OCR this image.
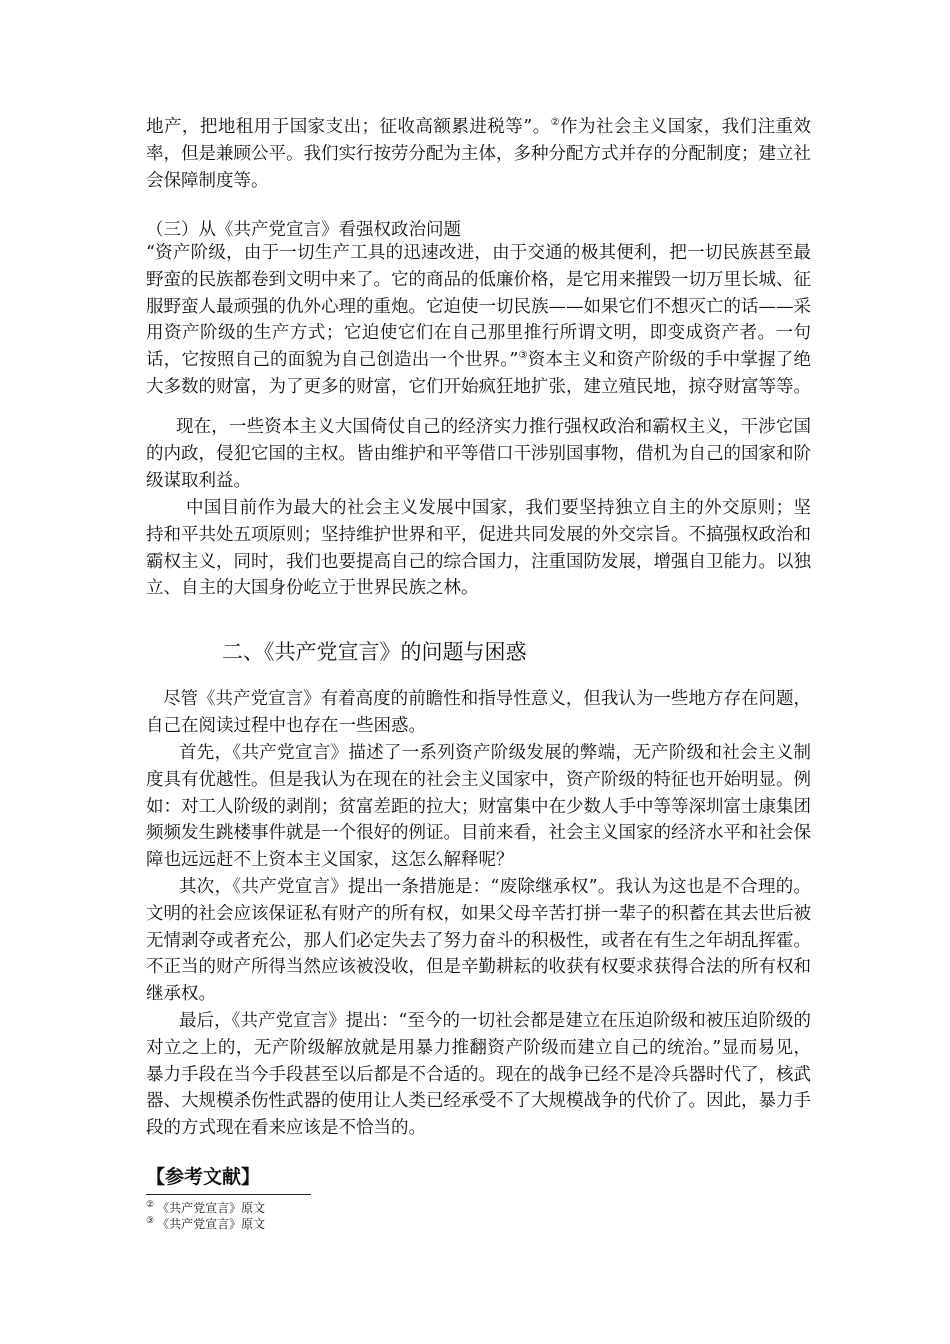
地产，把地租用于国家支出；征收高额累进税等”。②作为社会主义国家，我们注重效率，但是兼顾公平。我们实行按劳分配为主体，多种分配方式并存的分配制度；建立社会保障制度等。

（三）从《共产党宣言》看强权政治问题

“资产阶级，由于一切生产工具的迅速改进，由于交通的极其便利，把一切民族甚至最野蛮的民族都卷到文明中来了。它的商品的低廉价格，是它用来摧毁一切万里长城、征服野蛮人最顽强的仇外心理的重炮。它迫使一切民族——如果它们不想灭亡的话——采用资产阶级的生产方式；它迫使它们在自己那里推行所谓文明，即变成资产者。一句话，它按照自己的面貌为自己创造出一个世界。”③资本主义和资产阶级的手中掌握了绝大多数的财富，为了更多的财富，它们开始疯狂地扩张，建立殖民地，掠夺财富等等。

现在，一些资本主义大国倚仗自己的经济实力推行强权政治和霸权主义，干涉它国的内政，侵犯它国的主权。皆由维护和平等借口干涉别国事物，借机为自己的国家和阶级谋取利益。

中国目前作为最大的社会主义发展中国家，我们要坚持独立自主的外交原则；坚持和平共处五项原则；坚持维护世界和平，促进共同发展的外交宗旨。不搞强权政治和霸权主义，同时，我们也要提高自己的综合国力，注重国防发展，增强自卫能力。以独立、自主的大国身份屹立于世界民族之林。

二、《共产党宣言》的问题与困惑

尽管《共产党宣言》有着高度的前瞻性和指导性意义，但我认为一些地方存在问题，自己在阅读过程中也存在一些困惑。

首先，《共产党宣言》描述了一系列资产阶级发展的弊端，无产阶级和社会主义制度具有优越性。但是我认为在现在的社会主义国家中，资产阶级的特征也开始明显。例如：对工人阶级的剥削；贫富差距的拉大；财富集中在少数人手中等等深圳富士康集团频频发生跳楼事件就是一个很好的例证。目前来看，社会主义国家的经济水平和社会保障也远远赶不上资本主义国家，这怎么解释呢？

其次，《共产党宣言》提出一条措施是：“废除继承权”。我认为这也是不合理的。文明的社会应该保证私有财产的所有权，如果父母辛苦打拼一辈子的积蓄在其去世后被无情剥夺或者充公，那人们必定失去了努力奋斗的积极性，或者在有生之年胡乱挥霍。不正当的财产所得当然应该被没收，但是辛勤耕耘的收获有权要求获得合法的所有权和继承权。

最后，《共产党宣言》提出：“至今的一切社会都是建立在压迫阶级和被压迫阶级的对立之上的，无产阶级解放就是用暴力推翻资产阶级而建立自己的统治。”显而易见，暴力手段在当今手段甚至以后都是不合适的。现在的战争已经不是冷兵器时代了，核武器、大规模杀伤性武器的使用让人类已经承受不了大规模战争的代价了。因此，暴力手段的方式现在看来应该是不恰当的。

【参考文献】

② 《共产党宣言》原文

③ 《共产党宣言》原文
